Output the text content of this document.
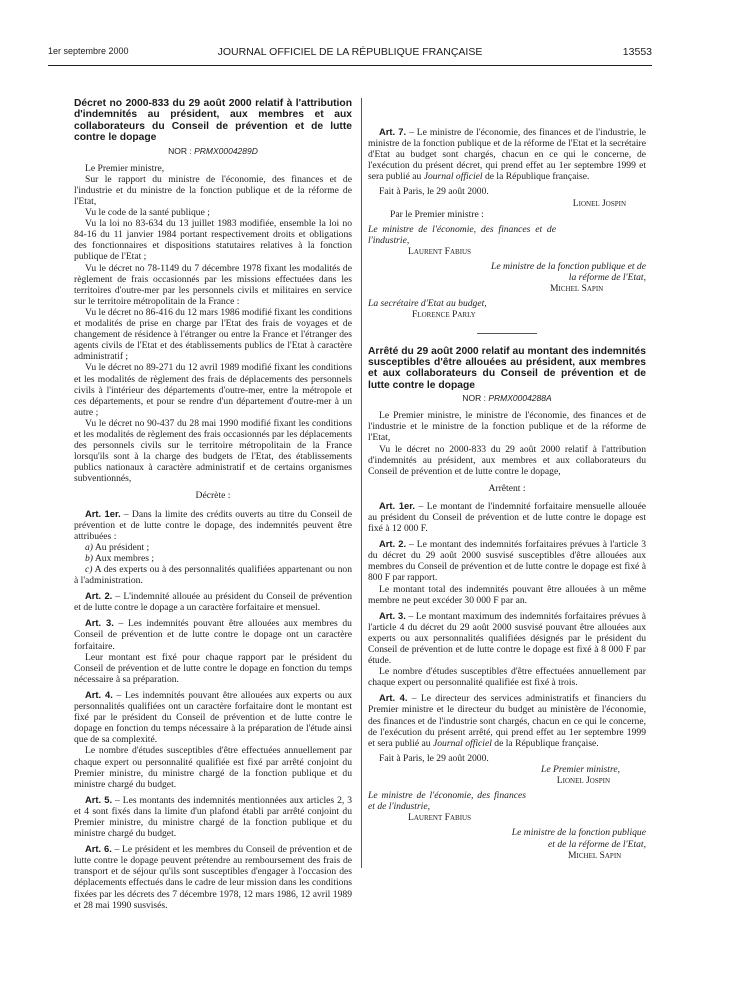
1er septembre 2000	JOURNAL OFFICIEL DE LA RÉPUBLIQUE FRANÇAISE	13553

Décret no 2000-833 du 29 août 2000 relatif à l'attribution d'indemnités au président, aux membres et aux collaborateurs du Conseil de prévention et de lutte contre le dopage

NOR : PRMX0004289D

Le Premier ministre,

Sur le rapport du ministre de l'économie, des finances et de l'industrie et du ministre de la fonction publique et de la réforme de l'Etat,

Vu le code de la santé publique ;

Vu la loi no 83-634 du 13 juillet 1983 modifiée, ensemble la loi no 84-16 du 11 janvier 1984 portant respectivement droits et obligations des fonctionnaires et dispositions statutaires relatives à la fonction publique de l'Etat ;

Vu le décret no 78-1149 du 7 décembre 1978 fixant les modalités de règlement de frais occasionnés par les missions effectuées dans les territoires d'outre-mer par les personnels civils et militaires en service sur le territoire métropolitain de la France :

Vu le décret no 86-416 du 12 mars 1986 modifié fixant les conditions et modalités de prise en charge par l'Etat des frais de voyages et de changement de résidence à l'étranger ou entre la France et l'étranger des agents civils de l'Etat et des établissements publics de l'Etat à caractère administratif ;

Vu le décret no 89-271 du 12 avril 1989 modifié fixant les conditions et les modalités de règlement des frais de déplacements des personnels civils à l'intérieur des départements d'outre-mer, entre la métropole et ces départements, et pour se rendre d'un département d'outre-mer à un autre ;

Vu le décret no 90-437 du 28 mai 1990 modifié fixant les conditions et les modalités de règlement des frais occasionnés par les déplacements des personnels civils sur le territoire métropolitain de la France lorsqu'ils sont à la charge des budgets de l'Etat, des établissements publics nationaux à caractère administratif et de certains organismes subventionnés,

Décrète :

Art. 1er. – Dans la limite des crédits ouverts au titre du Conseil de prévention et de lutte contre le dopage, des indemnités peuvent être attribuées :

a) Au président ;

b) Aux membres ;

c) A des experts ou à des personnalités qualifiées appartenant ou non à l'administration.

Art. 2. – L'indemnité allouée au président du Conseil de prévention et de lutte contre le dopage a un caractère forfaitaire et mensuel.

Art. 3. – Les indemnités pouvant être allouées aux membres du Conseil de prévention et de lutte contre le dopage ont un caractère forfaitaire.

Leur montant est fixé pour chaque rapport par le président du Conseil de prévention et de lutte contre le dopage en fonction du temps nécessaire à sa préparation.

Art. 4. – Les indemnités pouvant être allouées aux experts ou aux personnalités qualifiées ont un caractère forfaitaire dont le montant est fixé par le président du Conseil de prévention et de lutte contre le dopage en fonction du temps nécessaire à la préparation de l'étude ainsi que de sa complexité.

Le nombre d'études susceptibles d'être effectuées annuellement par chaque expert ou personnalité qualifiée est fixé par arrêté conjoint du Premier ministre, du ministre chargé de la fonction publique et du ministre chargé du budget.

Art. 5. – Les montants des indemnités mentionnées aux articles 2, 3 et 4 sont fixés dans la limite d'un plafond établi par arrêté conjoint du Premier ministre, du ministre chargé de la fonction publique et du ministre chargé du budget.

Art. 6. – Le président et les membres du Conseil de prévention et de lutte contre le dopage peuvent prétendre au remboursement des frais de transport et de séjour qu'ils sont susceptibles d'engager à l'occasion des déplacements effectués dans le cadre de leur mission dans les conditions fixées par les décrets des 7 décembre 1978, 12 mars 1986, 12 avril 1989 et 28 mai 1990 susvisés.

Art. 7. – Le ministre de l'économie, des finances et de l'industrie, le ministre de la fonction publique et de la réforme de l'Etat et la secrétaire d'Etat au budget sont chargés, chacun en ce qui le concerne, de l'exécution du présent décret, qui prend effet au 1er septembre 1999 et sera publié au Journal officiel de la République française.

Fait à Paris, le 29 août 2000.

Lionel Jospin

Par le Premier ministre :

Le ministre de l'économie, des finances et de l'industrie,

Laurent Fabius

Le ministre de la fonction publique et de la réforme de l'Etat,

Michel Sapin

La secrétaire d'Etat au budget,

Florence Parly

Arrêté du 29 août 2000 relatif au montant des indemnités susceptibles d'être allouées au président, aux membres et aux collaborateurs du Conseil de prévention et de lutte contre le dopage

NOR : PRMX0004288A

Le Premier ministre, le ministre de l'économie, des finances et de l'industrie et le ministre de la fonction publique et de la réforme de l'Etat,

Vu le décret no 2000-833 du 29 août 2000 relatif à l'attribution d'indemnités au président, aux membres et aux collaborateurs du Conseil de prévention et de lutte contre le dopage,

Arrêtent :

Art. 1er. – Le montant de l'indemnité forfaitaire mensuelle allouée au président du Conseil de prévention et de lutte contre le dopage est fixé à 12 000 F.

Art. 2. – Le montant des indemnités forfaitaires prévues à l'article 3 du décret du 29 août 2000 susvisé susceptibles d'être allouées aux membres du Conseil de prévention et de lutte contre le dopage est fixé à 800 F par rapport.

Le montant total des indemnités pouvant être allouées à un même membre ne peut excéder 30 000 F par an.

Art. 3. – Le montant maximum des indemnités forfaitaires prévues à l'article 4 du décret du 29 août 2000 susvisé pouvant être allouées aux experts ou aux personnalités qualifiées désignés par le président du Conseil de prévention et de lutte contre le dopage est fixé à 8 000 F par étude.

Le nombre d'études susceptibles d'être effectuées annuellement par chaque expert ou personnalité qualifiée est fixé à trois.

Art. 4. – Le directeur des services administratifs et financiers du Premier ministre et le directeur du budget au ministère de l'économie, des finances et de l'industrie sont chargés, chacun en ce qui le concerne, de l'exécution du présent arrêté, qui prend effet au 1er septembre 1999 et sera publié au Journal officiel de la République française.

Fait à Paris, le 29 août 2000.

Le Premier ministre,

Lionel Jospin

Le ministre de l'économie, des finances et de l'industrie,

Laurent Fabius

Le ministre de la fonction publique et de la réforme de l'Etat,

Michel Sapin
